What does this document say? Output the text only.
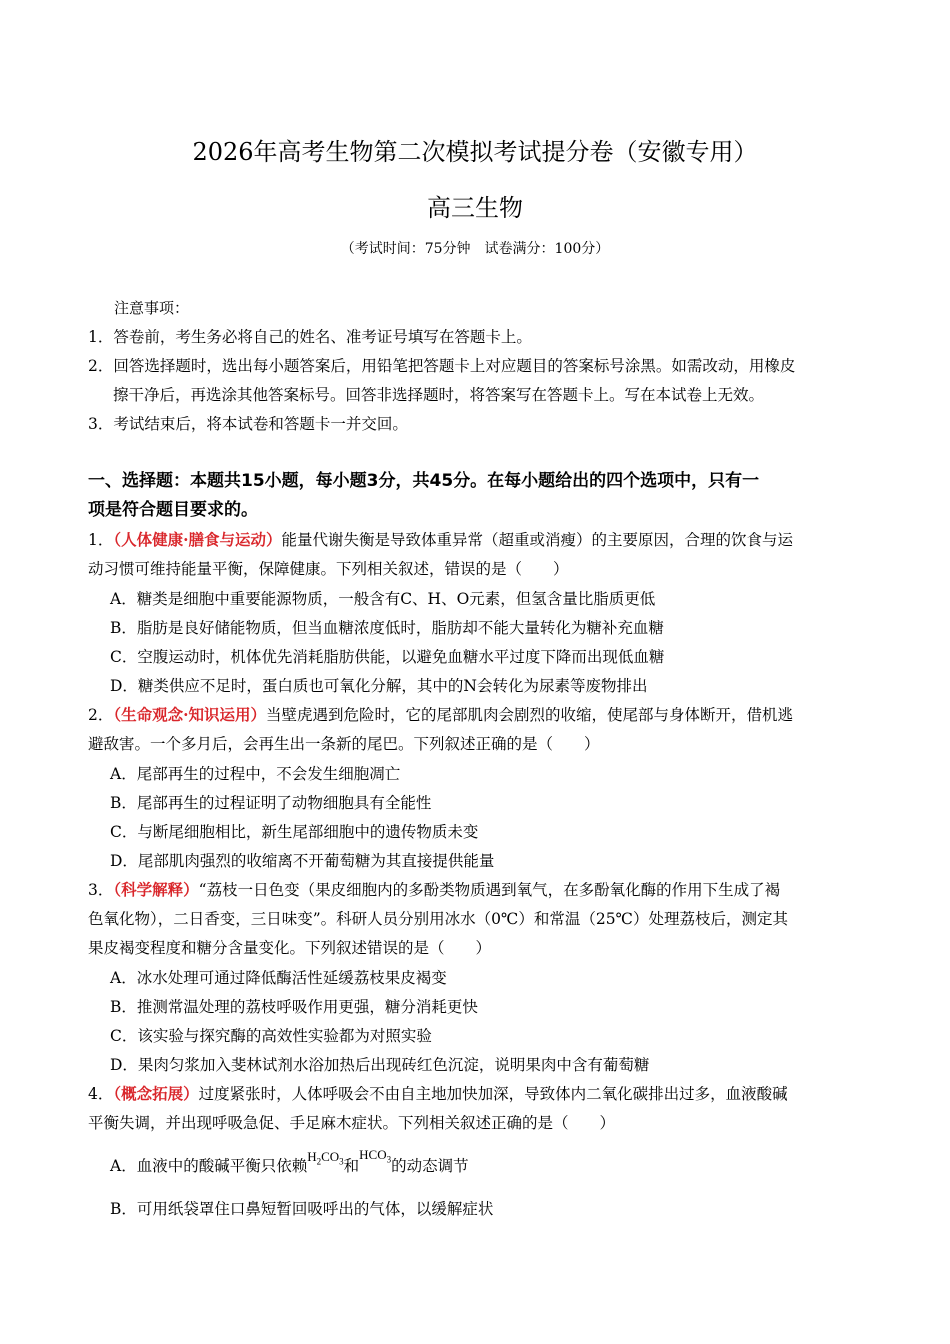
2026年高考生物第二次模拟考试提分卷（安徽专用）
高三生物
（考试时间：75分钟　试卷满分：100分）
注意事项：
1．答卷前，考生务必将自己的姓名、准考证号填写在答题卡上。
2．回答选择题时，选出每小题答案后，用铅笔把答题卡上对应题目的答案标号涂黑。如需改动，用橡皮
擦干净后，再选涂其他答案标号。回答非选择题时，将答案写在答题卡上。写在本试卷上无效。
3．考试结束后，将本试卷和答题卡一并交回。
一、选择题：本题共15小题，每小题3分，共45分。在每小题给出的四个选项中，只有一
项是符合题目要求的。
1．（人体健康·膳食与运动）能量代谢失衡是导致体重异常（超重或消瘦）的主要原因，合理的饮食与运
动习惯可维持能量平衡，保障健康。下列相关叙述，错误的是（　　）
A．糖类是细胞中重要能源物质，一般含有C、H、O元素，但氢含量比脂质更低
B．脂肪是良好储能物质，但当血糖浓度低时，脂肪却不能大量转化为糖补充血糖
C．空腹运动时，机体优先消耗脂肪供能，以避免血糖水平过度下降而出现低血糖
D．糖类供应不足时，蛋白质也可氧化分解，其中的N会转化为尿素等废物排出
2．（生命观念·知识运用）当壁虎遇到危险时，它的尾部肌肉会剧烈的收缩，使尾部与身体断开，借机逃
避敌害。一个多月后，会再生出一条新的尾巴。下列叙述正确的是（　　）
A．尾部再生的过程中，不会发生细胞凋亡
B．尾部再生的过程证明了动物细胞具有全能性
C．与断尾细胞相比，新生尾部细胞中的遗传物质未变
D．尾部肌肉强烈的收缩离不开葡萄糖为其直接提供能量
3．（科学解释）“荔枝一日色变（果皮细胞内的多酚类物质遇到氧气，在多酚氧化酶的作用下生成了褐
色氧化物），二日香变，三日味变”。科研人员分别用冰水（0℃）和常温（25℃）处理荔枝后，测定其
果皮褐变程度和糖分含量变化。下列叙述错误的是（　　）
A．冰水处理可通过降低酶活性延缓荔枝果皮褐变
B．推测常温处理的荔枝呼吸作用更强，糖分消耗更快
C．该实验与探究酶的高效性实验都为对照实验
D．果肉匀浆加入斐林试剂水浴加热后出现砖红色沉淀，说明果肉中含有葡萄糖
4．（概念拓展）过度紧张时，人体呼吸会不由自主地加快加深，导致体内二氧化碳排出过多，血液酸碱
平衡失调，并出现呼吸急促、手足麻木症状。下列相关叙述正确的是（　　）
A．血液中的酸碱平衡只依赖$^{H_2CO_3}$和$^{HCO_3}$的动态调节
B．可用纸袋罩住口鼻短暂回吸呼出的气体，以缓解症状
